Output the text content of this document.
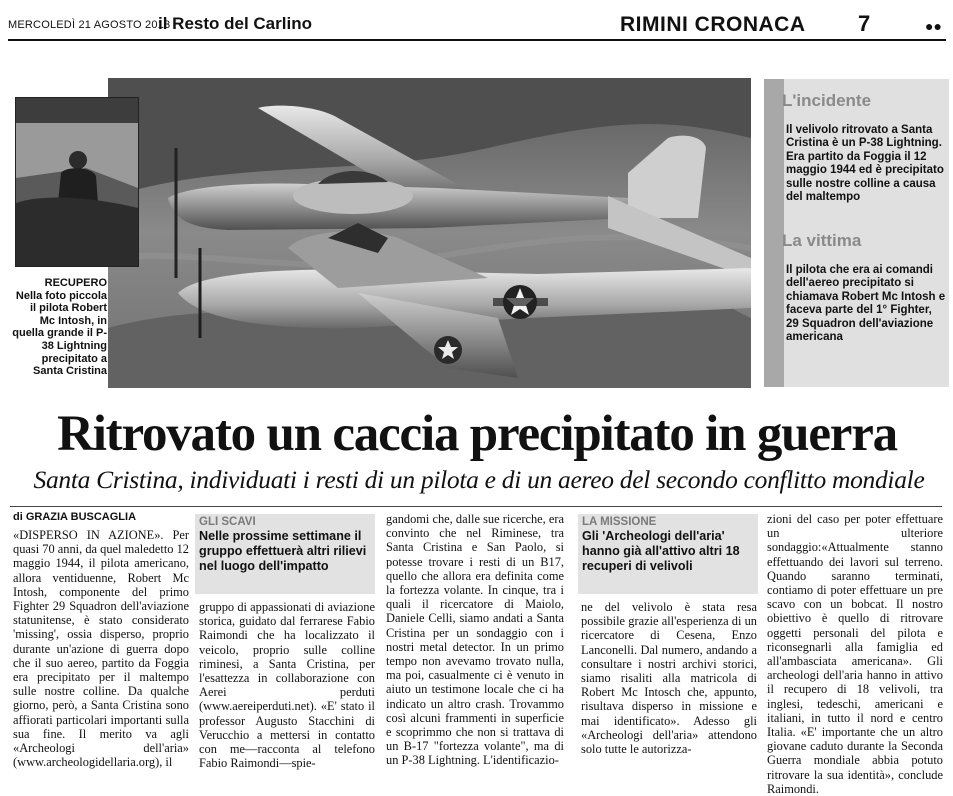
MERCOLEDÌ 21 AGOSTO 2013
il Resto del Carlino	RIMINI CRONACA 7	●●
RECUPERO
Nella foto piccola il pilota Robert Mc Intosh, in quella grande il P-38 Lightning precipitato a Santa Cristina
L'incidente
Il velivolo ritrovato a Santa Cristina è un P-38 Lightning. Era partito da Foggia il 12 maggio 1944 ed è precipitato sulle nostre colline a causa del maltempo
La vittima
Il pilota che era ai comandi dell'aereo precipitato si chiamava Robert Mc Intosh e faceva parte del 1° Fighter, 29 Squadron dell'aviazione americana
Ritrovato un caccia precipitato in guerra
Santa Cristina, individuati i resti di un pilota e di un aereo del secondo conflitto mondiale
di GRAZIA BUSCAGLIA

«DISPERSO IN AZIONE». Per quasi 70 anni, da quel maledetto 12 maggio 1944, il pilota americano, allora ventiduenne, Robert Mc Intosh, componente del primo Fighter 29 Squadron dell'aviazione statunitense, è stato considerato 'missing', ossia disperso, proprio durante un'azione di guerra dopo che il suo aereo, partito da Foggia era precipitato per il maltempo sulle nostre colline. Da qualche giorno, però, a Santa Cristina sono affiorati particolari importanti sulla sua fine. Il merito va agli «Archeologi dell'aria» (www.archeologidellaria.org), il

GLI SCAVI
Nelle prossime settimane il gruppo effettuerà altri rilievi nel luogo dell'impatto

gruppo di appassionati di aviazione storica, guidato dal ferrarese Fabio Raimondi che ha localizzato il veicolo, proprio sulle colline riminesi, a Santa Cristina, per l'esattezza in collaborazione con Aerei perduti (www.aereiperduti.net). «E' stato il professor Augusto Stacchini di Verucchio a mettersi in contatto con me—racconta al telefono Fabio Raimondi—spie-

gandomi che, dalle sue ricerche, era convinto che nel Riminese, tra Santa Cristina e San Paolo, si potesse trovare i resti di un B17, quello che allora era definita come la fortezza volante. In cinque, tra i quali il ricercatore di Maiolo, Daniele Celli, siamo andati a Santa Cristina per un sondaggio con i nostri metal detector. In un primo tempo non avevamo trovato nulla, ma poi, casualmente ci è venuto in aiuto un testimone locale che ci ha indicato un altro crash. Trovammo così alcuni frammenti in superficie e scoprimmo che non si trattava di un B-17 "fortezza volante", ma di un P-38 Lightning. L'identificazio-

LA MISSIONE
Gli 'Archeologi dell'aria' hanno già all'attivo altri 18 recuperi di velivoli

ne del velivolo è stata resa possibile grazie all'esperienza di un ricercatore di Cesena, Enzo Lanconelli. Dal numero, andando a consultare i nostri archivi storici, siamo risaliti alla matricola di Robert Mc Intosch che, appunto, risultava disperso in missione e mai identificato». Adesso gli «Archeologi dell'aria» attendono solo tutte le autorizza-

zioni del caso per poter effettuare un ulteriore sondaggio:«Attualmente stanno effettuando dei lavori sul terreno. Quando saranno terminati, contiamo di poter effettuare un pre scavo con un bobcat. Il nostro obiettivo è quello di ritrovare oggetti personali del pilota e riconsegnarli alla famiglia ed all'ambasciata americana». Gli archeologi dell'aria hanno in attivo il recupero di 18 velivoli, tra inglesi, tedeschi, americani e italiani, in tutto il nord e centro Italia. «E' importante che un altro giovane caduto durante la Seconda Guerra mondiale abbia potuto ritrovare la sua identità», conclude Raimondi.
